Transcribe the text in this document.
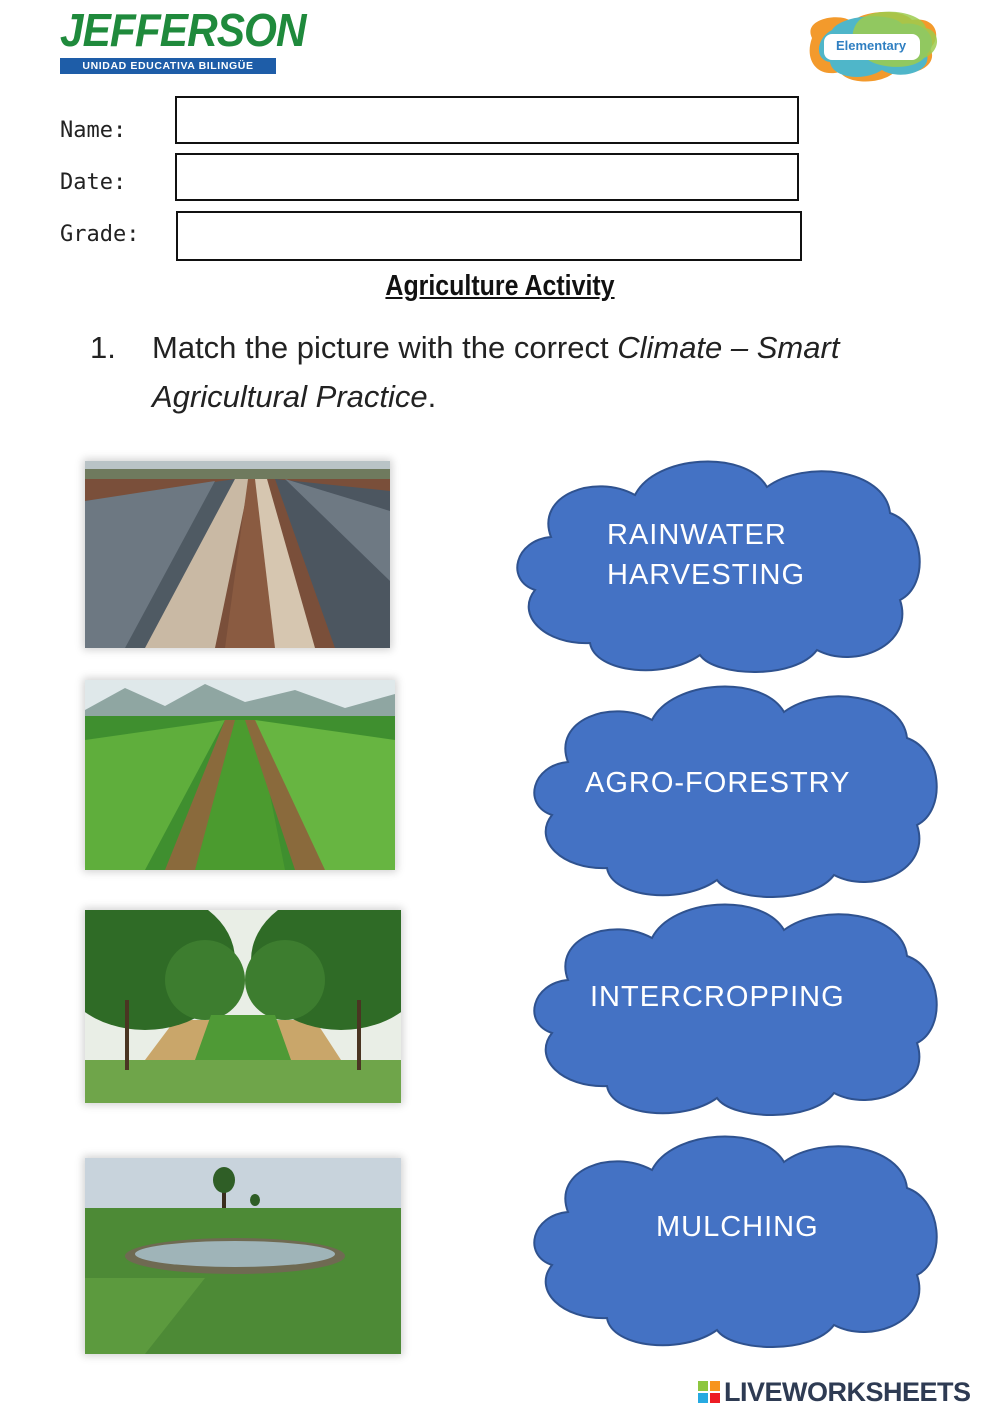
JEFFERSON
UNIDAD EDUCATIVA BILINGÜE
Elementary
Name:
Date:
Grade:
Agriculture Activity
1. Match the picture with the correct Climate – Smart
Agricultural Practice.
RAINWATER
HARVESTING
AGRO-FORESTRY
INTERCROPPING
MULCHING
LIVEWORKSHEETS
